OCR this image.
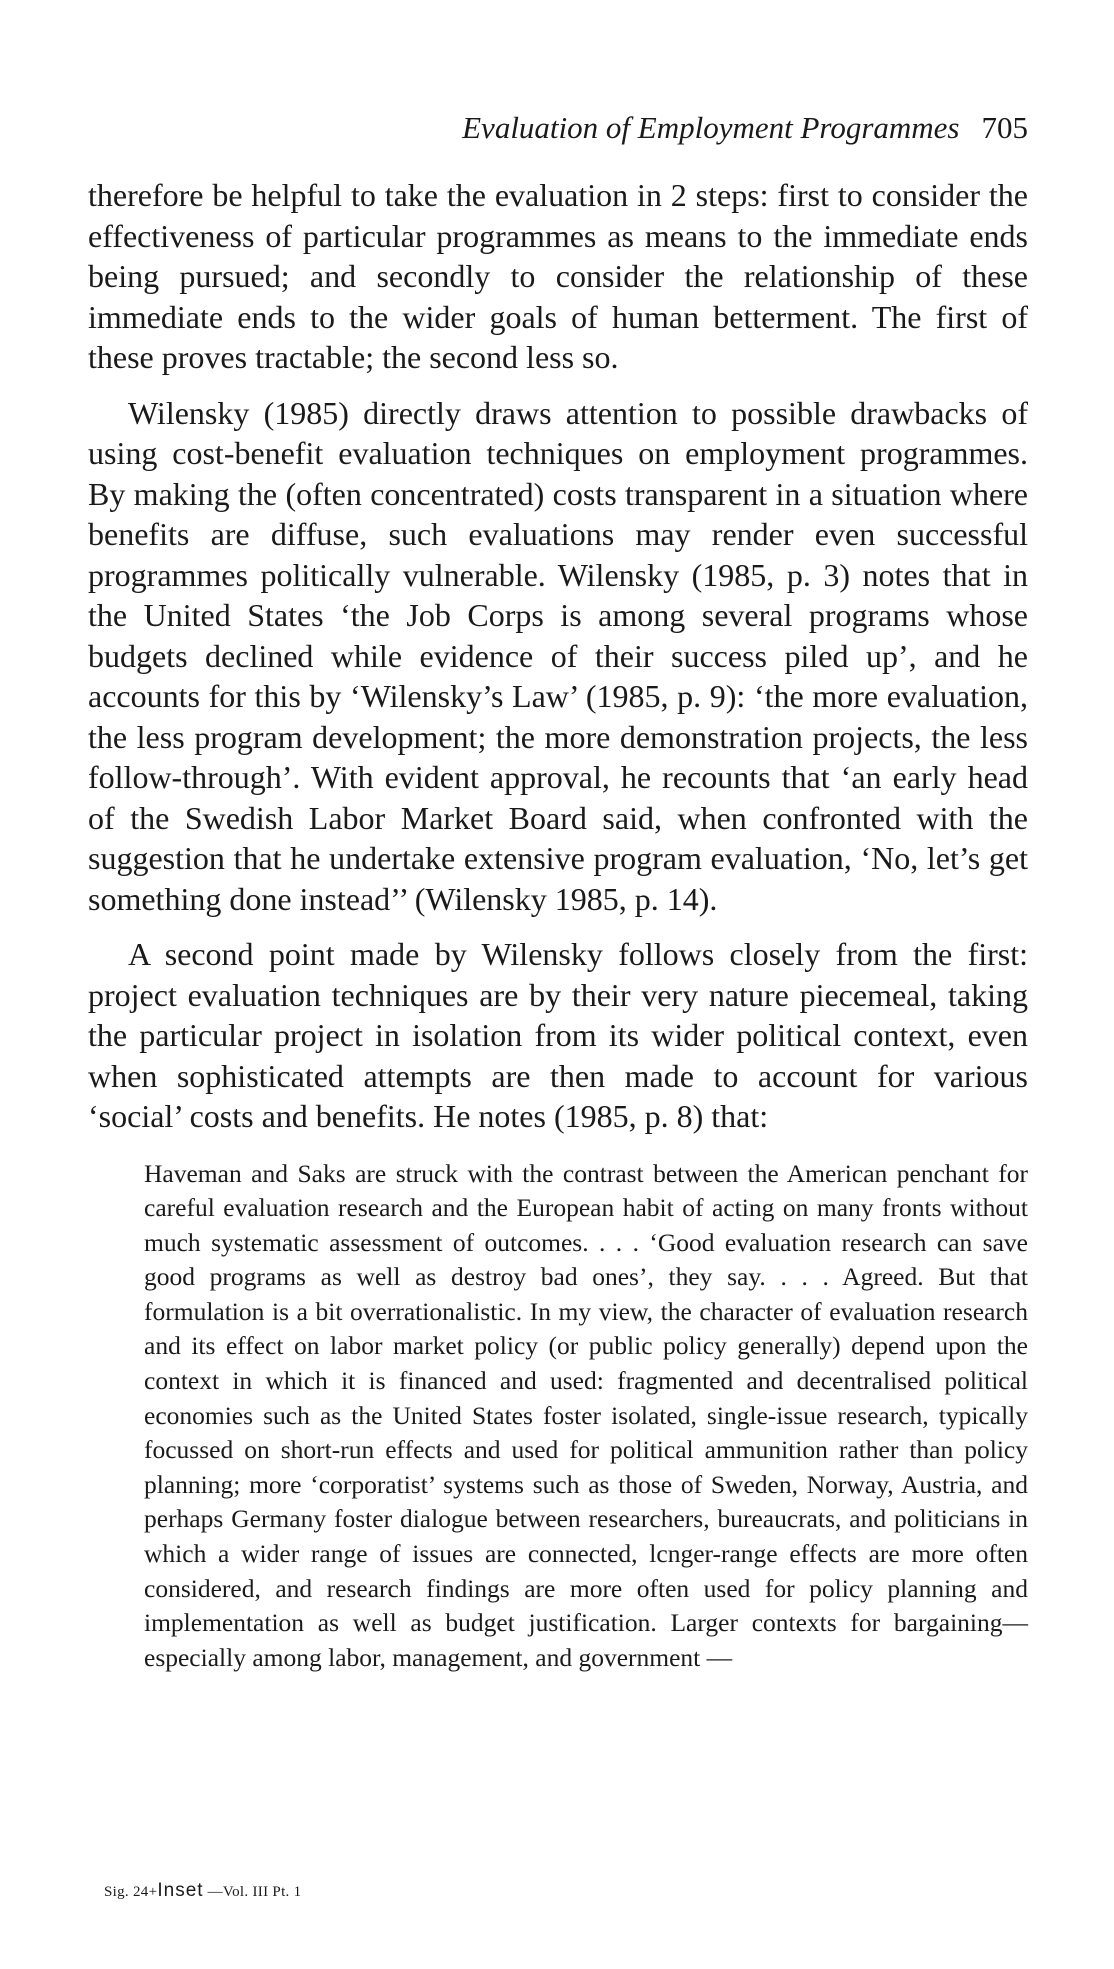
Evaluation of Employment Programmes 705

therefore be helpful to take the evaluation in 2 steps: first to consider the effectiveness of particular programmes as means to the immediate ends being pursued; and secondly to consider the relationship of these immediate ends to the wider goals of human betterment. The first of these proves tractable; the second less so.

Wilensky (1985) directly draws attention to possible drawbacks of using cost-benefit evaluation techniques on employment programmes. By making the (often concentrated) costs transparent in a situation where benefits are diffuse, such evaluations may render even successful programmes politically vulnerable. Wilensky (1985, p. 3) notes that in the United States ‘the Job Corps is among several programs whose budgets declined while evidence of their success piled up’, and he accounts for this by ‘Wilensky’s Law’ (1985, p. 9): ‘the more evaluation, the less program development; the more demonstration projects, the less follow-through’. With evident approval, he recounts that ‘an early head of the Swedish Labor Market Board said, when confronted with the suggestion that he undertake extensive program evaluation, ‘No, let’s get something done instead’’ (Wilensky 1985, p. 14).

A second point made by Wilensky follows closely from the first: project evaluation techniques are by their very nature piecemeal, taking the particular project in isolation from its wider political context, even when sophisticated attempts are then made to account for various ‘social’ costs and benefits. He notes (1985, p. 8) that:

Haveman and Saks are struck with the contrast between the American penchant for careful evaluation research and the European habit of acting on many fronts without much systematic assessment of outcomes. . . . ‘Good evaluation research can save good programs as well as destroy bad ones’, they say. . . . Agreed. But that formulation is a bit overrationalistic. In my view, the character of evaluation research and its effect on labor market policy (or public policy generally) depend upon the context in which it is financed and used: fragmented and decentralised political economies such as the United States foster isolated, single-issue research, typically focussed on short-run effects and used for political ammunition rather than policy planning; more ‘corporatist’ systems such as those of Sweden, Norway, Austria, and perhaps Germany foster dialogue between researchers, bureaucrats, and politicians in which a wider range of issues are connected, lcnger-range effects are more often considered, and research findings are more often used for policy planning and implementation as well as budget justification. Larger contexts for bargaining—especially among labor, management, and government —

Sig. 24+Inset —Vol. III Pt. 1
